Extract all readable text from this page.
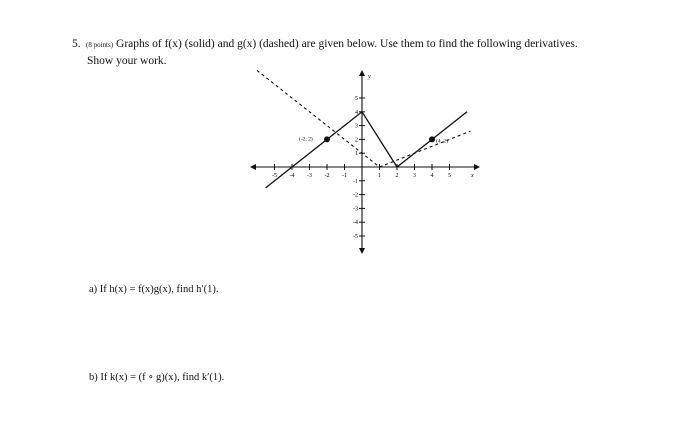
5. (8 points) Graphs of f(x) (solid) and g(x) (dashed) are given below. Use them to find the following derivatives.
Show your work.
-5 -4 -3 -2 -1	1 2 3 4 5
5
4
3
2
1
-1
-2
-3
-4
-5
x
y
(-2, 2)	(4, 2)
a) If h(x) = f(x)g(x), find h′(1).
b) If k(x) = (f ∘ g)(x), find k′(1).
